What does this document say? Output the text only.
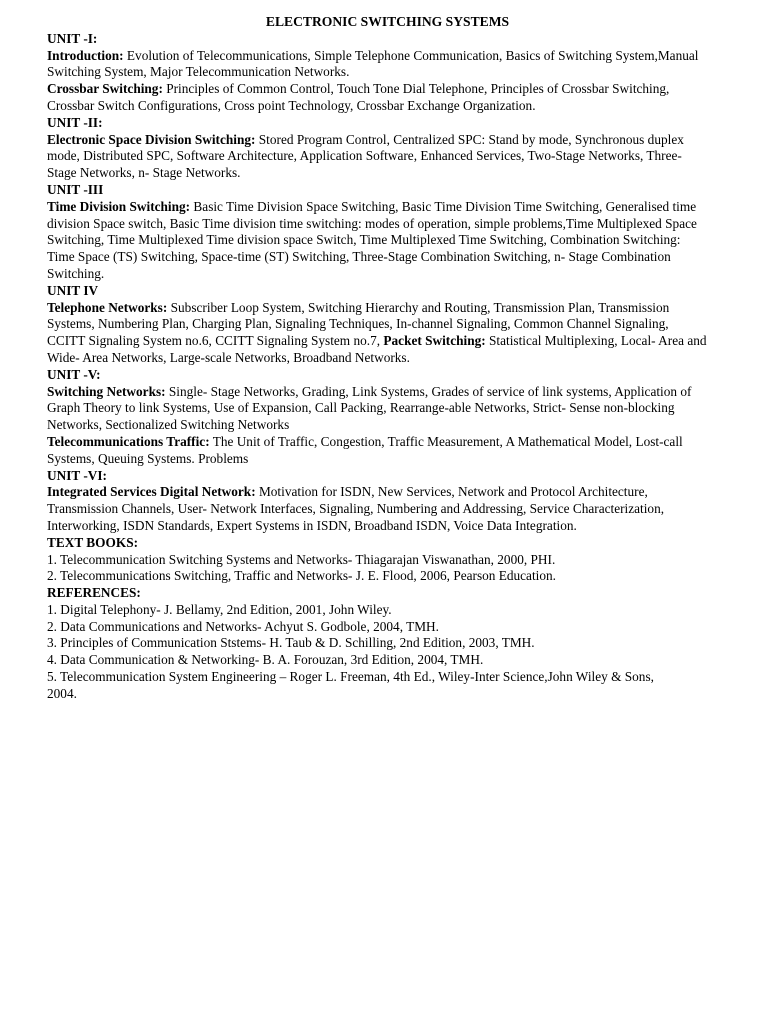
ELECTRONIC SWITCHING SYSTEMS
UNIT -I:

Introduction: Evolution of Telecommunications, Simple Telephone Communication, Basics of Switching System,Manual Switching System, Major Telecommunication Networks.

Crossbar Switching: Principles of Common Control, Touch Tone Dial Telephone, Principles of Crossbar Switching, Crossbar Switch Configurations, Cross point Technology, Crossbar Exchange Organization.

UNIT -II:

Electronic Space Division Switching: Stored Program Control, Centralized SPC: Stand by mode, Synchronous duplex mode, Distributed SPC, Software Architecture, Application Software, Enhanced Services, Two-Stage Networks, Three-Stage Networks, n- Stage Networks.

UNIT -III

Time Division Switching: Basic Time Division Space Switching, Basic Time Division Time Switching, Generalised time division Space switch, Basic Time division time switching: modes of operation, simple problems,Time Multiplexed Space Switching, Time Multiplexed Time division space Switch, Time Multiplexed Time Switching, Combination Switching: Time Space (TS) Switching, Space-time (ST) Switching, Three-Stage Combination Switching, n- Stage Combination Switching.

UNIT IV

Telephone Networks: Subscriber Loop System, Switching Hierarchy and Routing, Transmission Plan, Transmission Systems, Numbering Plan, Charging Plan, Signaling Techniques, In-channel Signaling, Common Channel Signaling, CCITT Signaling System no.6, CCITT Signaling System no.7, Packet Switching: Statistical Multiplexing, Local- Area and Wide- Area Networks, Large-scale Networks, Broadband Networks.

UNIT -V:

Switching Networks: Single- Stage Networks, Grading, Link Systems, Grades of service of link systems, Application of Graph Theory to link Systems, Use of Expansion, Call Packing, Rearrange-able Networks, Strict- Sense non-blocking Networks, Sectionalized Switching Networks

Telecommunications Traffic: The Unit of Traffic, Congestion, Traffic Measurement, A Mathematical Model, Lost-call Systems, Queuing Systems. Problems

UNIT -VI:

Integrated Services Digital Network: Motivation for ISDN, New Services, Network and Protocol Architecture, Transmission Channels, User- Network Interfaces, Signaling, Numbering and Addressing, Service Characterization, Interworking, ISDN Standards, Expert Systems in ISDN, Broadband ISDN, Voice Data Integration.

TEXT BOOKS:
1. Telecommunication Switching Systems and Networks- Thiagarajan Viswanathan, 2000, PHI.
2. Telecommunications Switching, Traffic and Networks- J. E. Flood, 2006, Pearson Education.
REFERENCES:
1. Digital Telephony- J. Bellamy, 2nd Edition, 2001, John Wiley.
2. Data Communications and Networks- Achyut S. Godbole, 2004, TMH.
3. Principles of Communication Ststems- H. Taub & D. Schilling, 2nd Edition, 2003, TMH.
4. Data Communication & Networking- B. A. Forouzan, 3rd Edition, 2004, TMH.
5. Telecommunication System Engineering – Roger L. Freeman, 4th Ed., Wiley-Inter Science,John Wiley & Sons,
2004.
